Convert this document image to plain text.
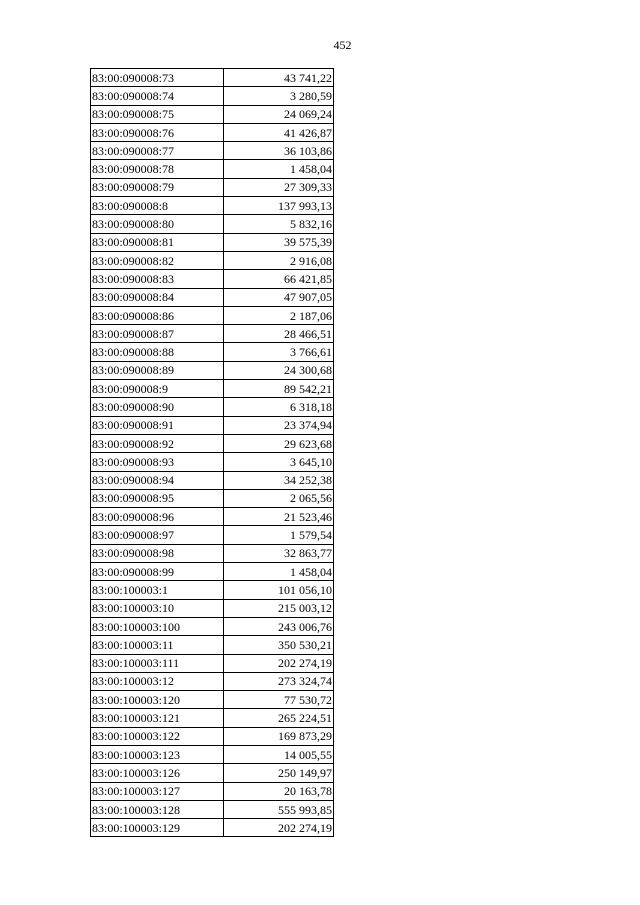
452
83:00:090008:73	43 741,22
83:00:090008:74	3 280,59
83:00:090008:75	24 069,24
83:00:090008:76	41 426,87
83:00:090008:77	36 103,86
83:00:090008:78	1 458,04
83:00:090008:79	27 309,33
83:00:090008:8	137 993,13
83:00:090008:80	5 832,16
83:00:090008:81	39 575,39
83:00:090008:82	2 916,08
83:00:090008:83	66 421,85
83:00:090008:84	47 907,05
83:00:090008:86	2 187,06
83:00:090008:87	28 466,51
83:00:090008:88	3 766,61
83:00:090008:89	24 300,68
83:00:090008:9	89 542,21
83:00:090008:90	6 318,18
83:00:090008:91	23 374,94
83:00:090008:92	29 623,68
83:00:090008:93	3 645,10
83:00:090008:94	34 252,38
83:00:090008:95	2 065,56
83:00:090008:96	21 523,46
83:00:090008:97	1 579,54
83:00:090008:98	32 863,77
83:00:090008:99	1 458,04
83:00:100003:1	101 056,10
83:00:100003:10	215 003,12
83:00:100003:100	243 006,76
83:00:100003:11	350 530,21
83:00:100003:111	202 274,19
83:00:100003:12	273 324,74
83:00:100003:120	77 530,72
83:00:100003:121	265 224,51
83:00:100003:122	169 873,29
83:00:100003:123	14 005,55
83:00:100003:126	250 149,97
83:00:100003:127	20 163,78
83:00:100003:128	555 993,85
83:00:100003:129	202 274,19
